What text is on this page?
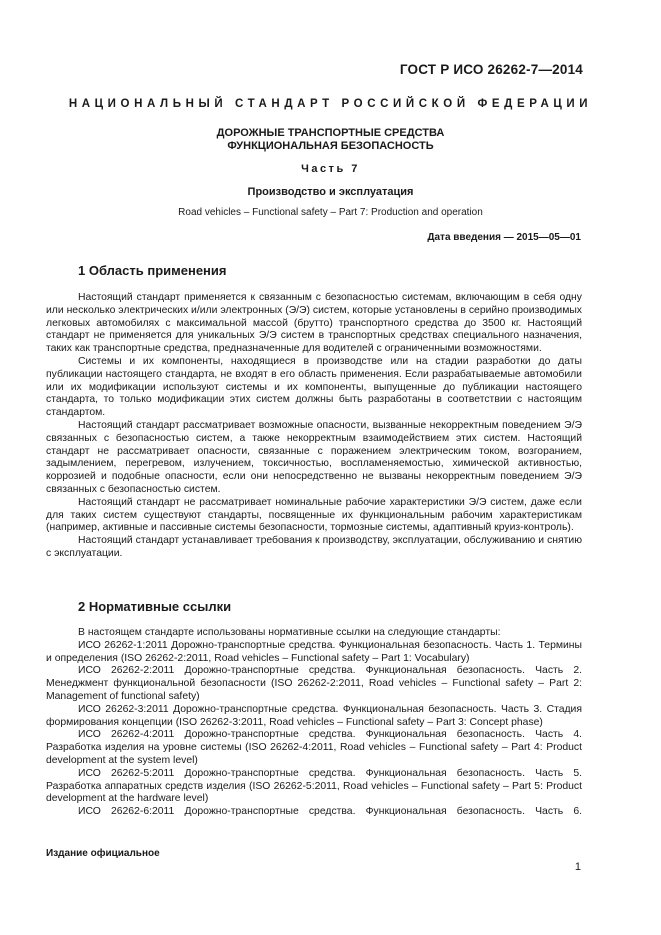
ГОСТ Р ИСО 26262-7—2014
НАЦИОНАЛЬНЫЙ СТАНДАРТ РОССИЙСКОЙ ФЕДЕРАЦИИ
ДОРОЖНЫЕ ТРАНСПОРТНЫЕ СРЕДСТВА
ФУНКЦИОНАЛЬНАЯ БЕЗОПАСНОСТЬ
Часть 7
Производство и эксплуатация
Road vehicles – Functional safety – Part 7: Production and operation
Дата введения — 2015—05—01
1 Область применения

Настоящий стандарт применяется к связанным с безопасностью системам, включающим в себя одну или несколько электрических и/или электронных (Э/Э) систем, которые установлены в серийно производимых легковых автомобилях с максимальной массой (брутто) транспортного средства до 3500 кг. Настоящий стандарт не применяется для уникальных Э/Э систем в транспортных средствах специального назначения, таких как транспортные средства, предназначенные для водителей с ограниченными возможностями.

Системы и их компоненты, находящиеся в производстве или на стадии разработки до даты публикации настоящего стандарта, не входят в его область применения. Если разрабатываемые автомобили или их модификации используют системы и их компоненты, выпущенные до публикации настоящего стандарта, то только модификации этих систем должны быть разработаны в соответствии с настоящим стандартом.

Настоящий стандарт рассматривает возможные опасности, вызванные некорректным поведением Э/Э связанных с безопасностью систем, а также некорректным взаимодействием этих систем. Настоящий стандарт не рассматривает опасности, связанные с поражением электрическим током, возгоранием, задымлением, перегревом, излучением, токсичностью, воспламеняемостью, химической активностью, коррозией и подобные опасности, если они непосредственно не вызваны некорректным поведением Э/Э связанных с безопасностью систем.

Настоящий стандарт не рассматривает номинальные рабочие характеристики Э/Э систем, даже если для таких систем существуют стандарты, посвященные их функциональным рабочим характеристикам (например, активные и пассивные системы безопасности, тормозные системы, адаптивный круиз-контроль).

Настоящий стандарт устанавливает требования к производству, эксплуатации, обслуживанию и снятию с эксплуатации.

2 Нормативные ссылки

В настоящем стандарте использованы нормативные ссылки на следующие стандарты:

ИСО 26262-1:2011 Дорожно-транспортные средства. Функциональная безопасность. Часть 1. Термины и определения (ISO 26262-2:2011, Road vehicles – Functional safety – Part 1: Vocabulary)

ИСО 26262-2:2011 Дорожно-транспортные средства. Функциональная безопасность. Часть 2. Менеджмент функциональной безопасности (ISO 26262-2:2011, Road vehicles – Functional safety – Part 2: Management of functional safety)

ИСО 26262-3:2011 Дорожно-транспортные средства. Функциональная безопасность. Часть 3. Стадия формирования концепции (ISO 26262-3:2011, Road vehicles – Functional safety – Part 3: Concept phase)

ИСО 26262-4:2011 Дорожно-транспортные средства. Функциональная безопасность. Часть 4. Разработка изделия на уровне системы (ISO 26262-4:2011, Road vehicles – Functional safety – Part 4: Product development at the system level)

ИСО 26262-5:2011 Дорожно-транспортные средства. Функциональная безопасность. Часть 5. Разработка аппаратных средств изделия (ISO 26262-5:2011, Road vehicles – Functional safety – Part 5: Product development at the hardware level)

ИСО 26262-6:2011 Дорожно-транспортные средства. Функциональная безопасность. Часть 6.

Издание официальное
1
